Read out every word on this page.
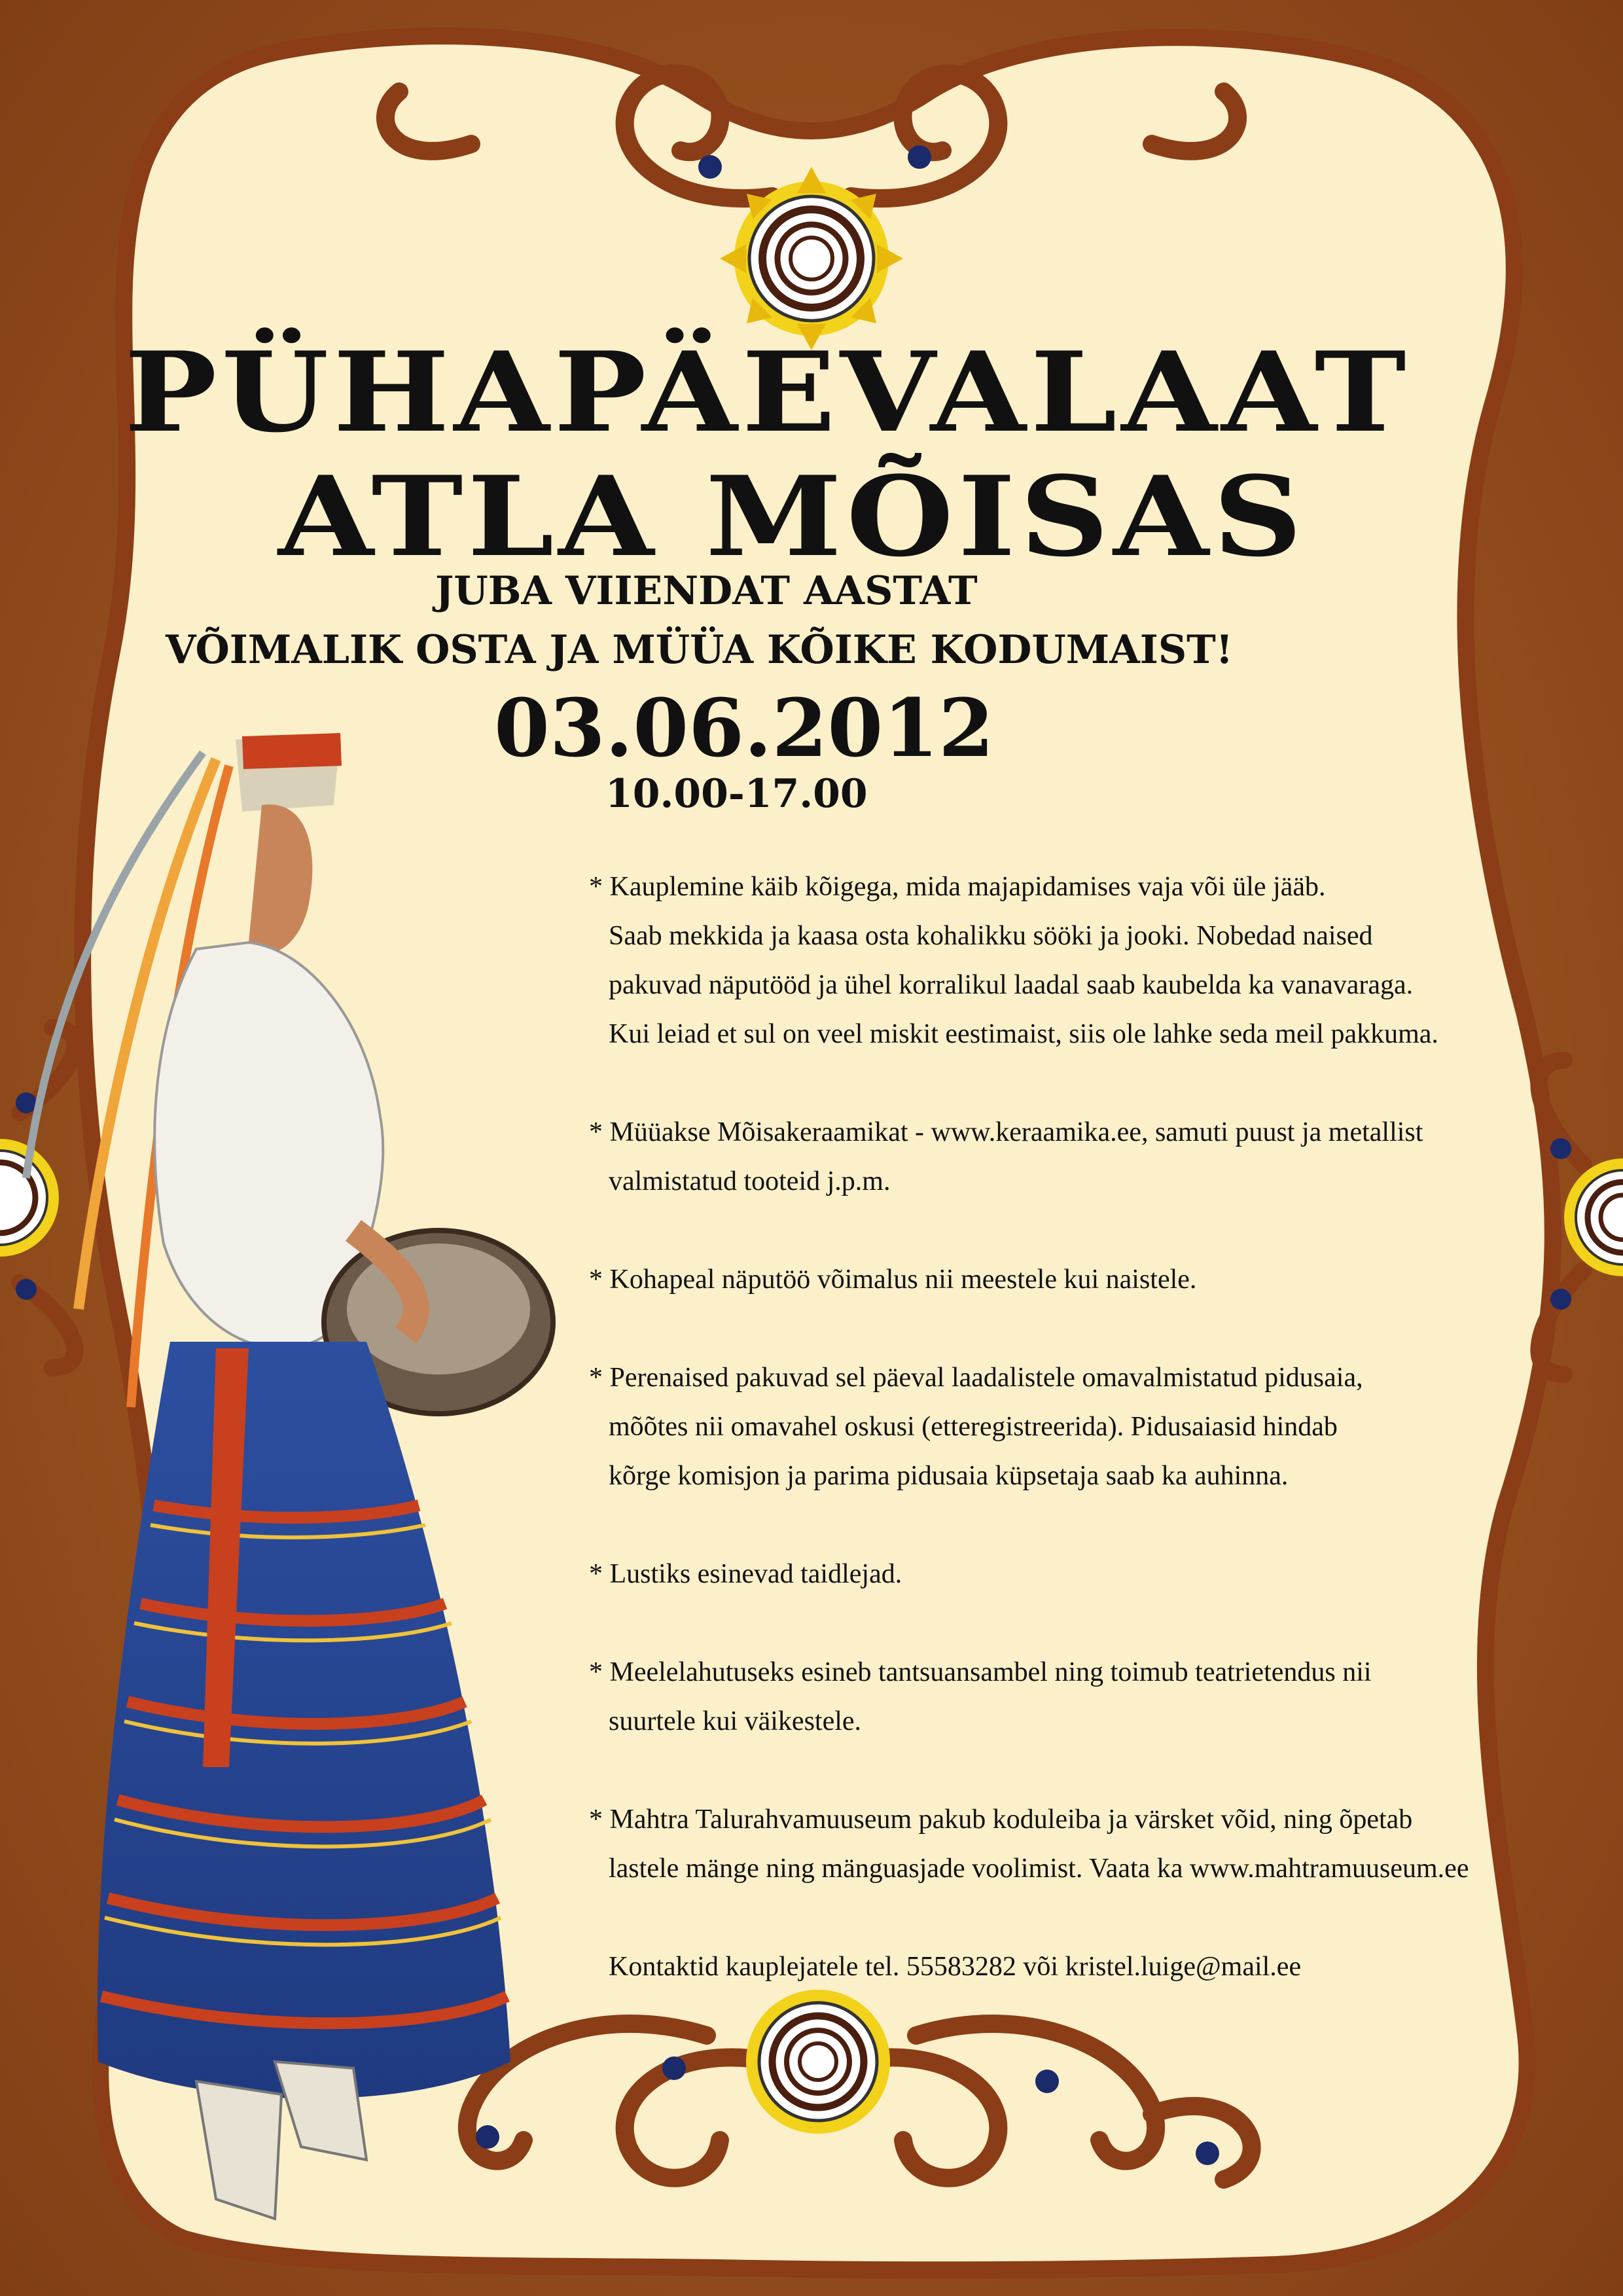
PÜHAPÄEVALAAT
ATLA MÕISAS
JUBA VIIENDAT AASTAT
VÕIMALIK OSTA JA MÜÜA KÕIKE KODUMAIST!
03.06.2012
10.00-17.00
* Kauplemine käib kõigega, mida majapidamises vaja või üle jääb.
Saab mekkida ja kaasa osta kohalikku sööki ja jooki. Nobedad naised
pakuvad näputööd ja ühel korralikul laadal saab kaubelda ka vanavaraga.
Kui leiad et sul on veel miskit eestimaist, siis ole lahke seda meil pakkuma.
* Müüakse Mõisakeraamikat - www.keraamika.ee, samuti puust ja metallist
valmistatud tooteid j.p.m.
* Kohapeal näputöö võimalus nii meestele kui naistele.
* Perenaised pakuvad sel päeval laadalistele omavalmistatud pidusaia,
mõõtes nii omavahel oskusi (etteregistreerida). Pidusaiasid hindab
kõrge komisjon ja parima pidusaia küpsetaja saab ka auhinna.
* Lustiks esinevad taidlejad.
* Meelelahutuseks esineb tantsuansambel ning toimub teatrietendus nii
suurtele kui väikestele.
* Mahtra Talurahvamuuseum pakub koduleiba ja värsket võid, ning õpetab
lastele mänge ning mänguasjade voolimist. Vaata ka www.mahtramuuseum.ee
Kontaktid kauplejatele tel. 55583282 või kristel.luige@mail.ee
